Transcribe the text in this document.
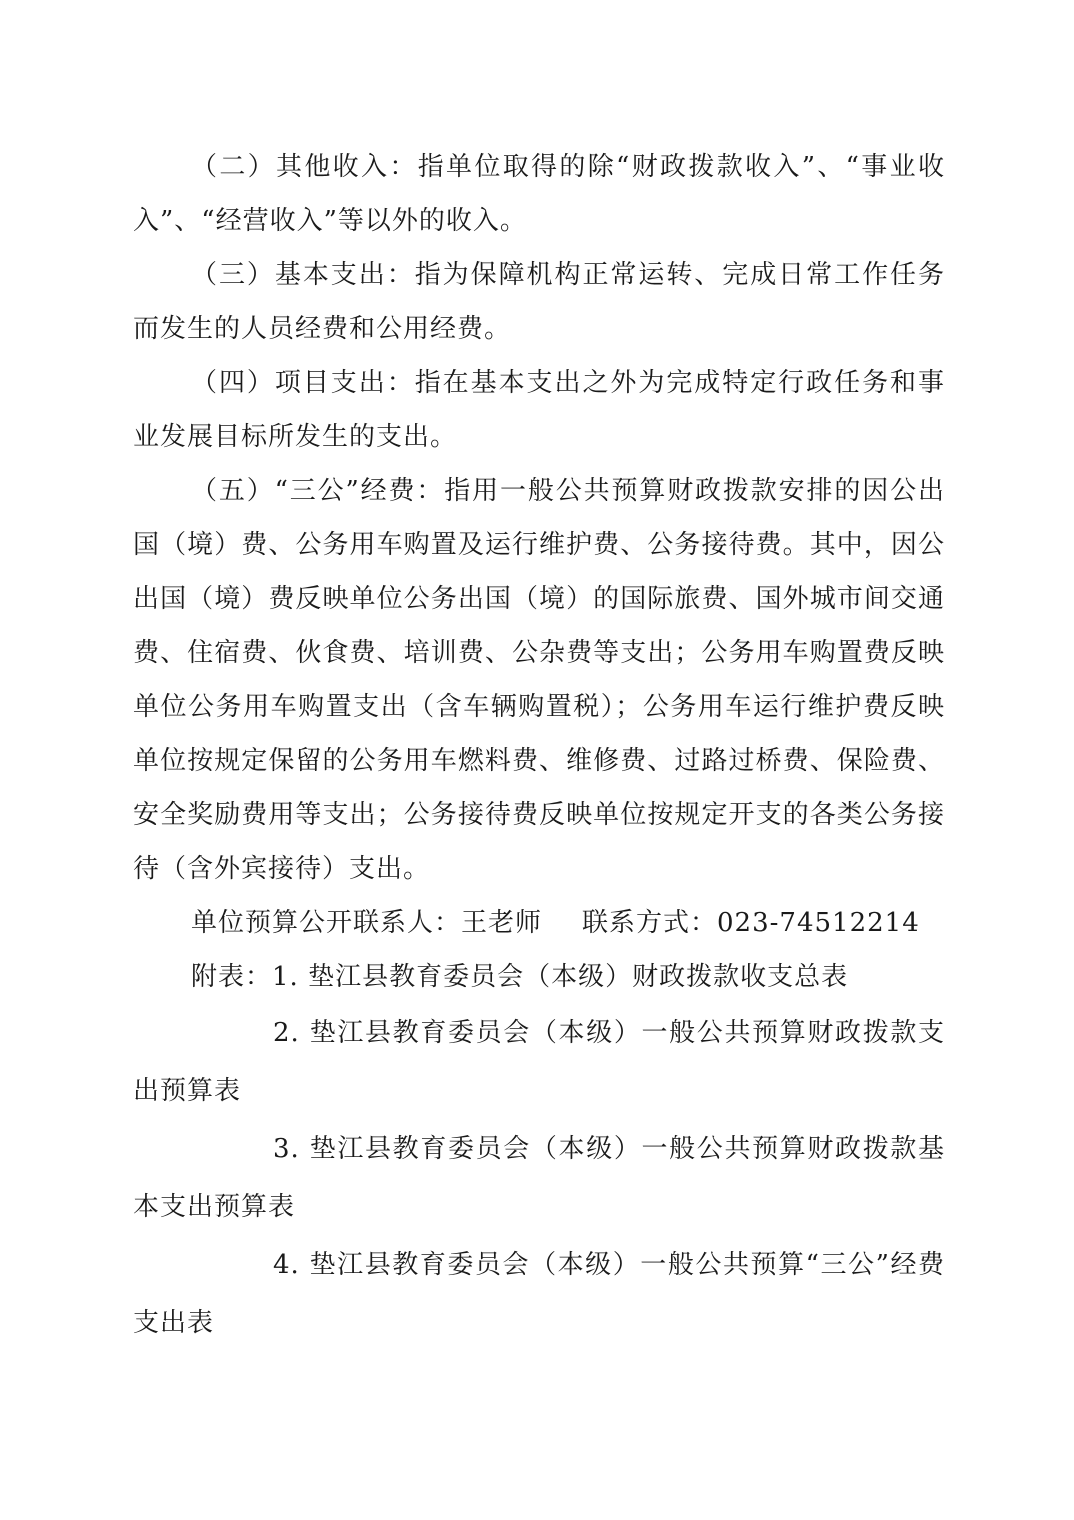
（二）其他收入：指单位取得的除“财政拨款收入”、“事业收入”、“经营收入”等以外的收入。

（三）基本支出：指为保障机构正常运转、完成日常工作任务而发生的人员经费和公用经费。

（四）项目支出：指在基本支出之外为完成特定行政任务和事业发展目标所发生的支出。

（五）“三公”经费：指用一般公共预算财政拨款安排的因公出国（境）费、公务用车购置及运行维护费、公务接待费。其中，因公出国（境）费反映单位公务出国（境）的国际旅费、国外城市间交通费、住宿费、伙食费、培训费、公杂费等支出；公务用车购置费反映单位公务用车购置支出（含车辆购置税）；公务用车运行维护费反映单位按规定保留的公务用车燃料费、维修费、过路过桥费、保险费、安全奖励费用等支出；公务接待费反映单位按规定开支的各类公务接待（含外宾接待）支出。

单位预算公开联系人：王老师 联系方式：023-74512214

附表：1. 垫江县教育委员会（本级）财政拨款收支总表

2. 垫江县教育委员会（本级）一般公共预算财政拨款支出预算表

3. 垫江县教育委员会（本级）一般公共预算财政拨款基本支出预算表

4. 垫江县教育委员会（本级）一般公共预算“三公”经费支出表
